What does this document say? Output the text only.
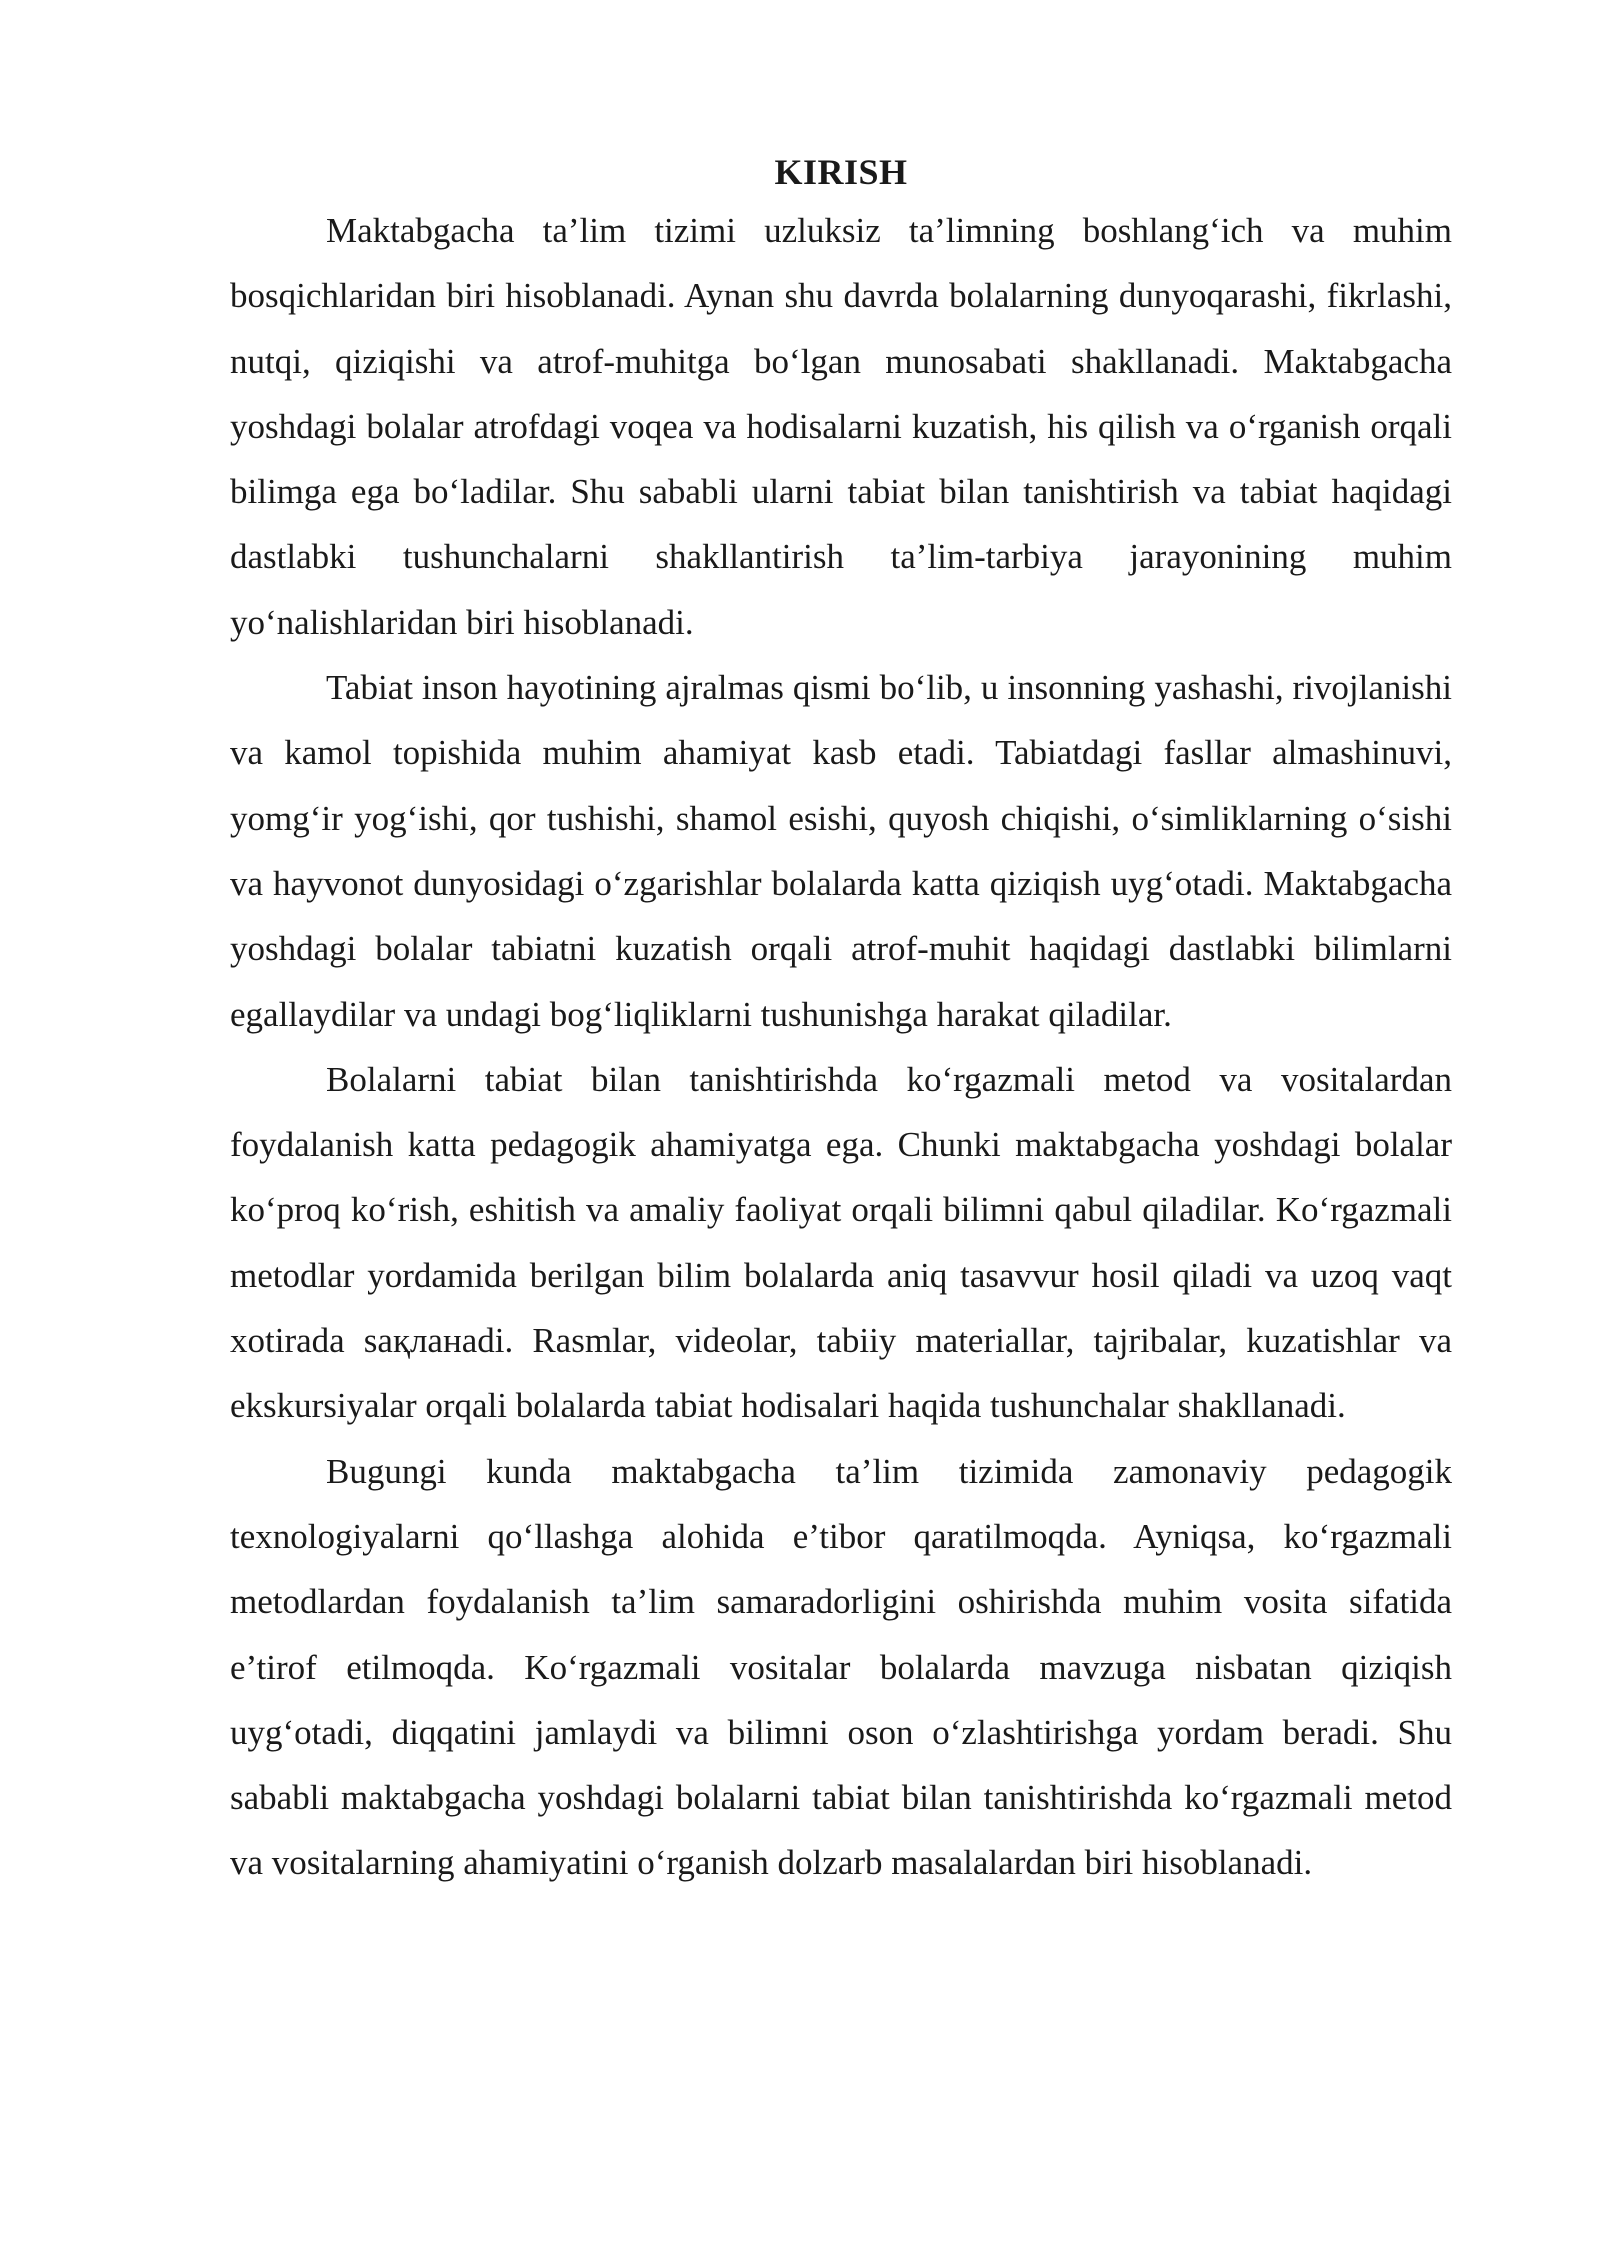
KIRISH

Maktabgacha ta’lim tizimi uzluksiz ta’limning boshlang‘ich va muhim bosqichlaridan biri hisoblanadi. Aynan shu davrda bolalarning dunyoqarashi, fikrlashi, nutqi, qiziqishi va atrof-muhitga bo‘lgan munosabati shakllanadi. Maktabgacha yoshdagi bolalar atrofdagi voqea va hodisalarni kuzatish, his qilish va o‘rganish orqali bilimga ega bo‘ladilar. Shu sababli ularni tabiat bilan tanishtirish va tabiat haqidagi dastlabki tushunchalarni shakllantirish ta’lim-tarbiya jarayonining muhim yo‘nalishlaridan biri hisoblanadi.

Tabiat inson hayotining ajralmas qismi bo‘lib, u insonning yashashi, rivojlanishi va kamol topishida muhim ahamiyat kasb etadi. Tabiatdagi fasllar almashinuvi, yomg‘ir yog‘ishi, qor tushishi, shamol esishi, quyosh chiqishi, o‘simliklarning o‘sishi va hayvonot dunyosidagi o‘zgarishlar bolalarda katta qiziqish uyg‘otadi. Maktabgacha yoshdagi bolalar tabiatni kuzatish orqali atrof-muhit haqidagi dastlabki bilimlarni egallaydilar va undagi bog‘liqliklarni tushunishga harakat qiladilar.

Bolalarni tabiat bilan tanishtirishda ko‘rgazmali metod va vositalardan foydalanish katta pedagogik ahamiyatga ega. Chunki maktabgacha yoshdagi bolalar ko‘proq ko‘rish, eshitish va amaliy faoliyat orqali bilimni qabul qiladilar. Ko‘rgazmali metodlar yordamida berilgan bilim bolalarda aniq tasavvur hosil qiladi va uzoq vaqt xotirada saқланadi. Rasmlar, videolar, tabiiy materiallar, tajribalar, kuzatishlar va ekskursiyalar orqali bolalarda tabiat hodisalari haqida tushunchalar shakllanadi.

Bugungi kunda maktabgacha ta’lim tizimida zamonaviy pedagogik texnologiyalarni qo‘llashga alohida e’tibor qaratilmoqda. Ayniqsa, ko‘rgazmali metodlardan foydalanish ta’lim samaradorligini oshirishda muhim vosita sifatida e’tirof etilmoqda. Ko‘rgazmali vositalar bolalarda mavzuga nisbatan qiziqish uyg‘otadi, diqqatini jamlaydi va bilimni oson o‘zlashtirishga yordam beradi. Shu sababli maktabgacha yoshdagi bolalarni tabiat bilan tanishtirishda ko‘rgazmali metod va vositalarning ahamiyatini o‘rganish dolzarb masalalardan biri hisoblanadi.
